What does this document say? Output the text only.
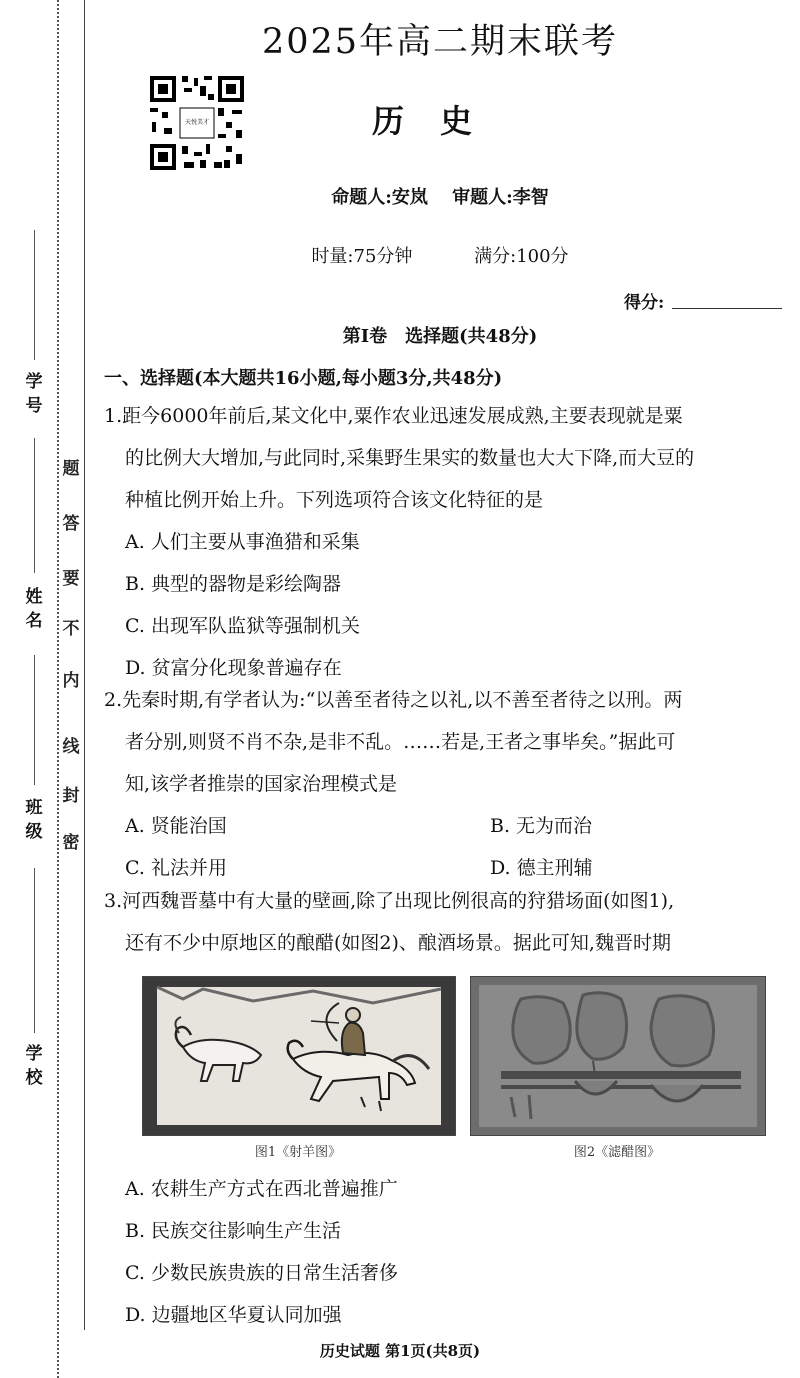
学号
姓名
班级
学校
密
封
线
内
不
要
答
题
2025年高二期末联考
天悦美才	历史
命题人:安岚 审题人:李智
时量:75分钟	满分:100分
得分:
第Ⅰ卷　选择题(共48分)
一、选择题(本大题共16小题,每小题3分,共48分)
1.距今6000年前后,某文化中,粟作农业迅速发展成熟,主要表现就是粟
的比例大大增加,与此同时,采集野生果实的数量也大大下降,而大豆的
种植比例开始上升。下列选项符合该文化特征的是
A. 人们主要从事渔猎和采集
B. 典型的器物是彩绘陶器
C. 出现军队监狱等强制机关
D. 贫富分化现象普遍存在
2.先秦时期,有学者认为:“以善至者待之以礼,以不善至者待之以刑。两
者分别,则贤不肖不杂,是非不乱。……若是,王者之事毕矣。”据此可
知,该学者推崇的国家治理模式是
A. 贤能治国	B. 无为而治
C. 礼法并用	D. 德主刑辅
3.河西魏晋墓中有大量的壁画,除了出现比例很高的狩猎场面(如图1),
还有不少中原地区的酿醋(如图2)、酿酒场景。据此可知,魏晋时期
图1《射羊图》	图2《滤醋图》
A. 农耕生产方式在西北普遍推广
B. 民族交往影响生产生活
C. 少数民族贵族的日常生活奢侈
D. 边疆地区华夏认同加强
历史试题 第1页(共8页)
